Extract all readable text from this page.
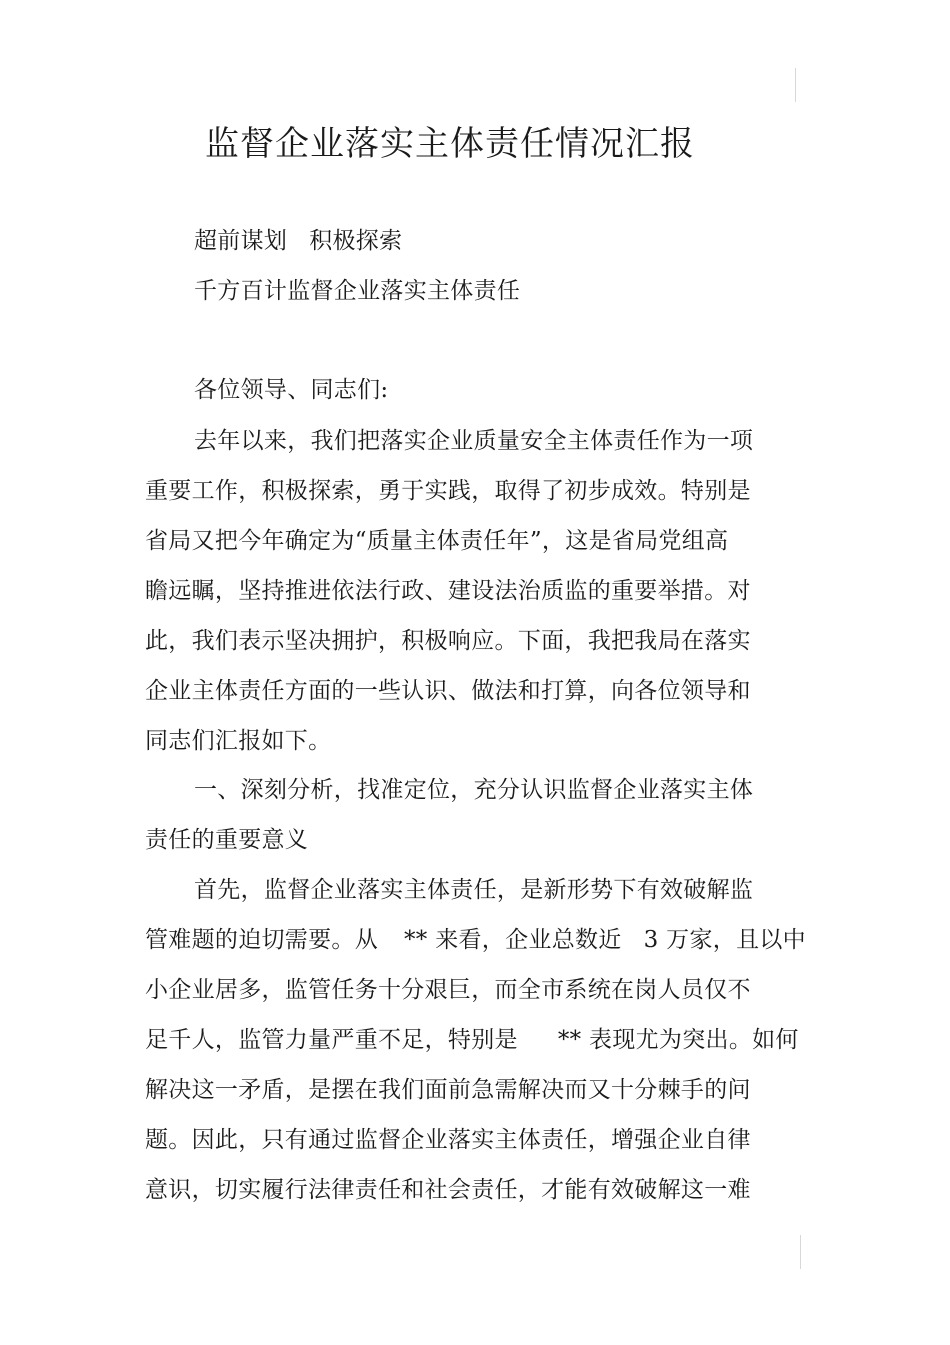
监督企业落实主体责任情况汇报
超前谋划 积极探索
千方百计监督企业落实主体责任
各位领导、同志们:
去年以来，我们把落实企业质量安全主体责任作为一项
重要工作，积极探索，勇于实践，取得了初步成效。特别是
省局又把今年确定为“质量主体责任年”，这是省局党组高
瞻远瞩，坚持推进依法行政、建设法治质监的重要举措。对
此，我们表示坚决拥护，积极响应。下面，我把我局在落实
企业主体责任方面的一些认识、做法和打算，向各位领导和
同志们汇报如下。
一、深刻分析，找准定位，充分认识监督企业落实主体
责任的重要意义
首先，监督企业落实主体责任，是新形势下有效破解监
管难题的迫切需要。从 ** 来看，企业总数近 3 万家，且以中
小企业居多，监管任务十分艰巨，而全市系统在岗人员仅不
足千人，监管力量严重不足，特别是 ** 表现尤为突出。如何
解决这一矛盾，是摆在我们面前急需解决而又十分棘手的问
题。因此，只有通过监督企业落实主体责任，增强企业自律
意识，切实履行法律责任和社会责任，才能有效破解这一难
